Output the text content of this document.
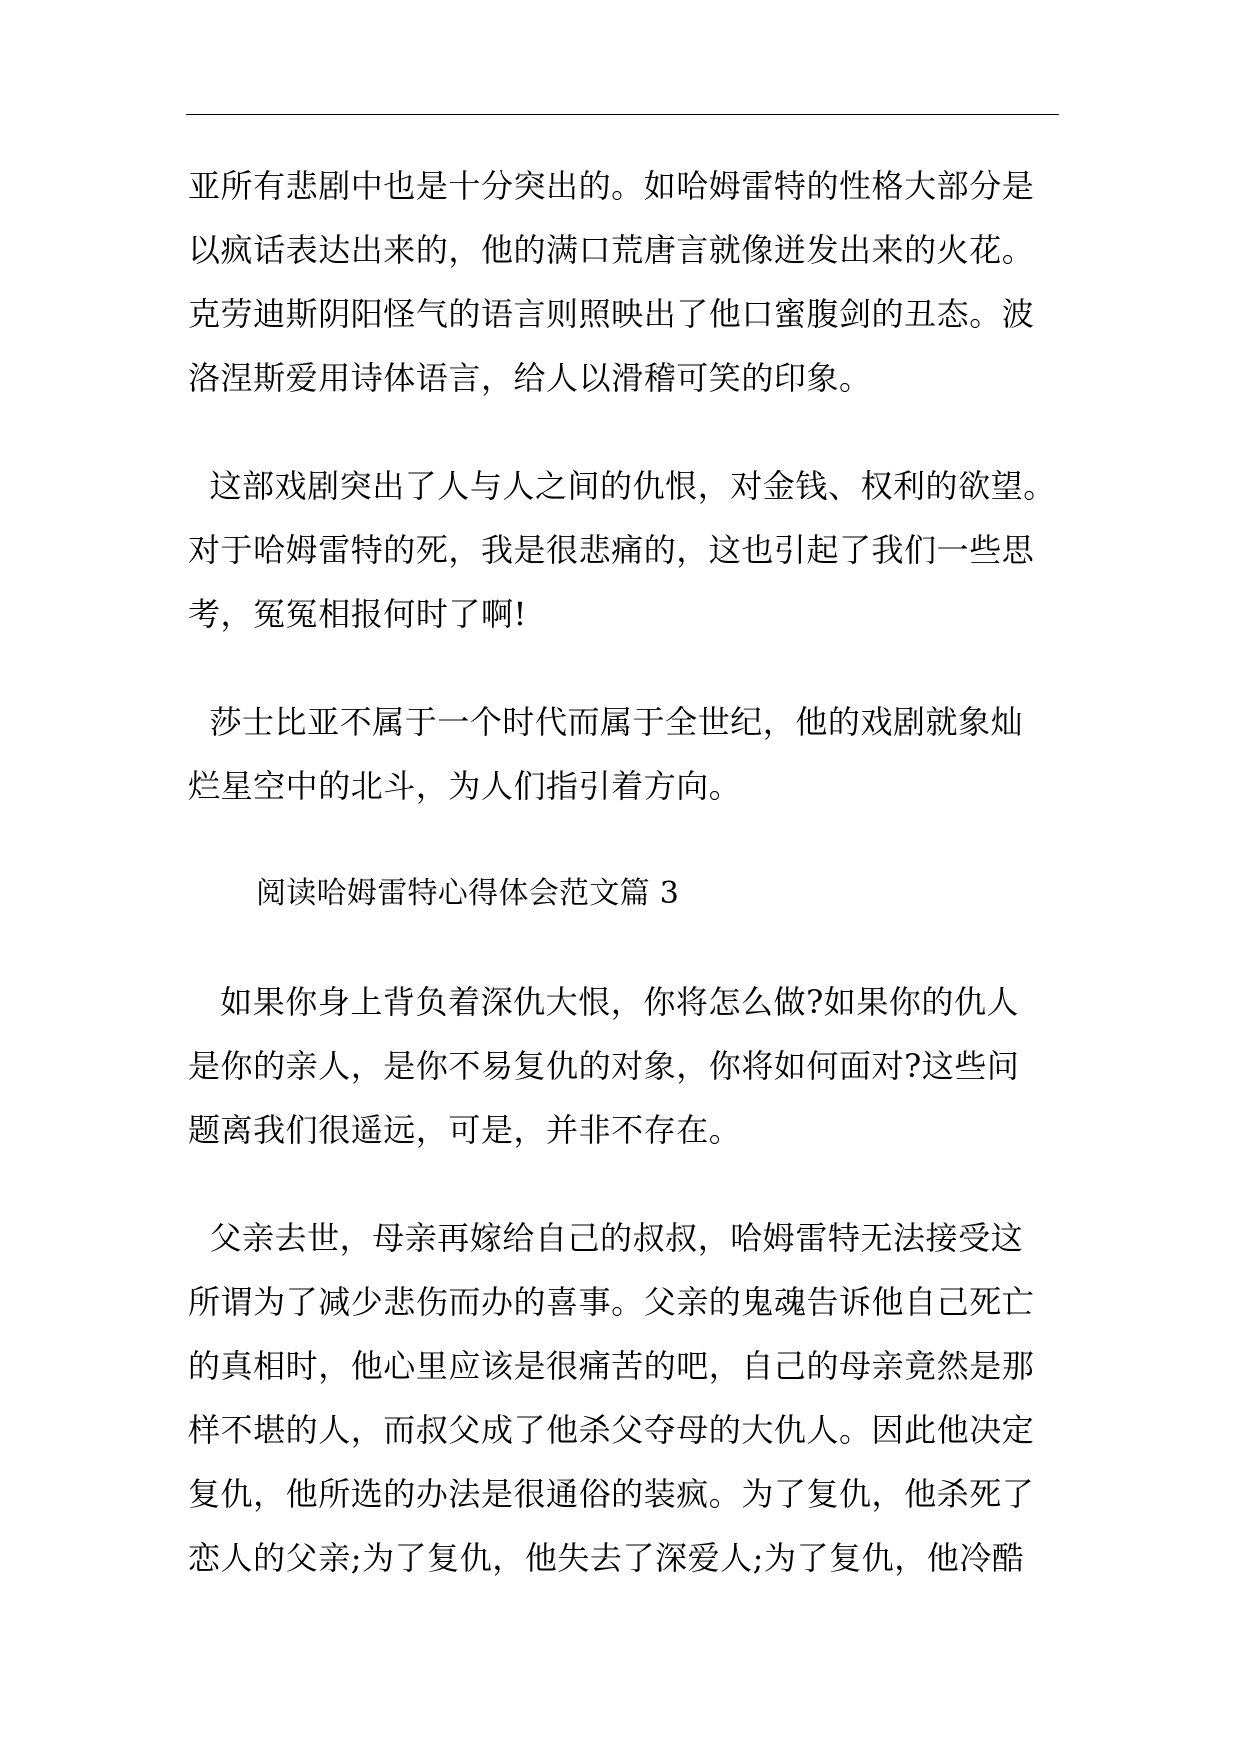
亚所有悲剧中也是十分突出的。如哈姆雷特的性格大部分是
以疯话表达出来的，他的满口荒唐言就像迸发出来的火花。
克劳迪斯阴阳怪气的语言则照映出了他口蜜腹剑的丑态。波
洛涅斯爱用诗体语言，给人以滑稽可笑的印象。
这部戏剧突出了人与人之间的仇恨，对金钱、权利的欲望。
对于哈姆雷特的死，我是很悲痛的，这也引起了我们一些思
考，冤冤相报何时了啊!
莎士比亚不属于一个时代而属于全世纪，他的戏剧就象灿
烂星空中的北斗，为人们指引着方向。
阅读哈姆雷特心得体会范文篇 3
如果你身上背负着深仇大恨，你将怎么做?如果你的仇人
是你的亲人，是你不易复仇的对象，你将如何面对?这些问
题离我们很遥远，可是，并非不存在。
父亲去世，母亲再嫁给自己的叔叔，哈姆雷特无法接受这
所谓为了减少悲伤而办的喜事。父亲的鬼魂告诉他自己死亡
的真相时，他心里应该是很痛苦的吧，自己的母亲竟然是那
样不堪的人，而叔父成了他杀父夺母的大仇人。因此他决定
复仇，他所选的办法是很通俗的装疯。为了复仇，他杀死了
恋人的父亲;为了复仇，他失去了深爱人;为了复仇，他冷酷
